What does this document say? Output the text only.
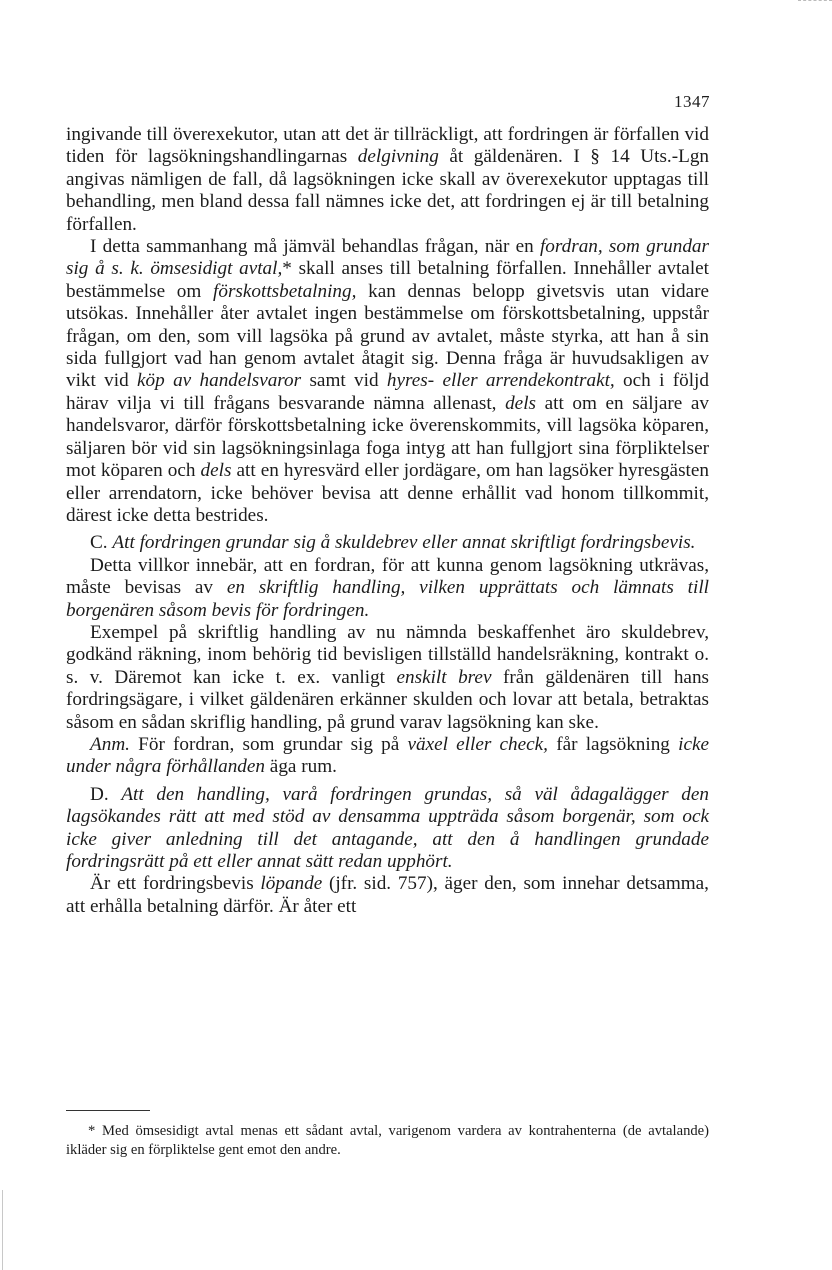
1347

ingivande till överexekutor, utan att det är tillräckligt, att fordringen är förfallen vid tiden för lagsökningshandlingarnas delgivning åt gäldenären. I § 14 Uts.-Lgn angivas nämligen de fall, då lagsökningen icke skall av överexekutor upptagas till behandling, men bland dessa fall nämnes icke det, att fordringen ej är till betalning förfallen.

I detta sammanhang må jämväl behandlas frågan, när en fordran, som grundar sig å s. k. ömsesidigt avtal,* skall anses till betalning förfallen. Innehåller avtalet bestämmelse om förskottsbetalning, kan dennas belopp givetsvis utan vidare utsökas. Innehåller åter avtalet ingen bestämmelse om förskottsbetalning, uppstår frågan, om den, som vill lagsöka på grund av avtalet, måste styrka, att han å sin sida fullgjort vad han genom avtalet åtagit sig. Denna fråga är huvudsakligen av vikt vid köp av handelsvaror samt vid hyres- eller arrendekontrakt, och i följd härav vilja vi till frågans besvarande nämna allenast, dels att om en säljare av handelsvaror, därför förskottsbetalning icke överenskommits, vill lagsöka köparen, säljaren bör vid sin lagsökningsinlaga foga intyg att han fullgjort sina förpliktelser mot köparen och dels att en hyresvärd eller jordägare, om han lagsöker hyresgästen eller arrendatorn, icke behöver bevisa att denne erhållit vad honom tillkommit, därest icke detta bestrides.

C. Att fordringen grundar sig å skuldebrev eller annat skriftligt fordringsbevis.

Detta villkor innebär, att en fordran, för att kunna genom lagsökning utkrävas, måste bevisas av en skriftlig handling, vilken upprättats och lämnats till borgenären såsom bevis för fordringen.

Exempel på skriftlig handling av nu nämnda beskaffenhet äro skuldebrev, godkänd räkning, inom behörig tid bevisligen tillställd handelsräkning, kontrakt o. s. v. Däremot kan icke t. ex. vanligt enskilt brev från gäldenären till hans fordringsägare, i vilket gäldenären erkänner skulden och lovar att betala, betraktas såsom en sådan skriflig handling, på grund varav lagsökning kan ske.

Anm. För fordran, som grundar sig på växel eller check, får lagsökning icke under några förhållanden äga rum.

D. Att den handling, varå fordringen grundas, så väl ådagalägger den lagsökandes rätt att med stöd av densamma uppträda såsom borgenär, som ock icke giver anledning till det antagande, att den å handlingen grundade fordringsrätt på ett eller annat sätt redan upphört.

Är ett fordringsbevis löpande (jfr. sid. 757), äger den, som innehar detsamma, att erhålla betalning därför. Är åter ett

* Med ömsesidigt avtal menas ett sådant avtal, varigenom vardera av kontrahenterna (de avtalande) ikläder sig en förpliktelse gent emot den andre.
